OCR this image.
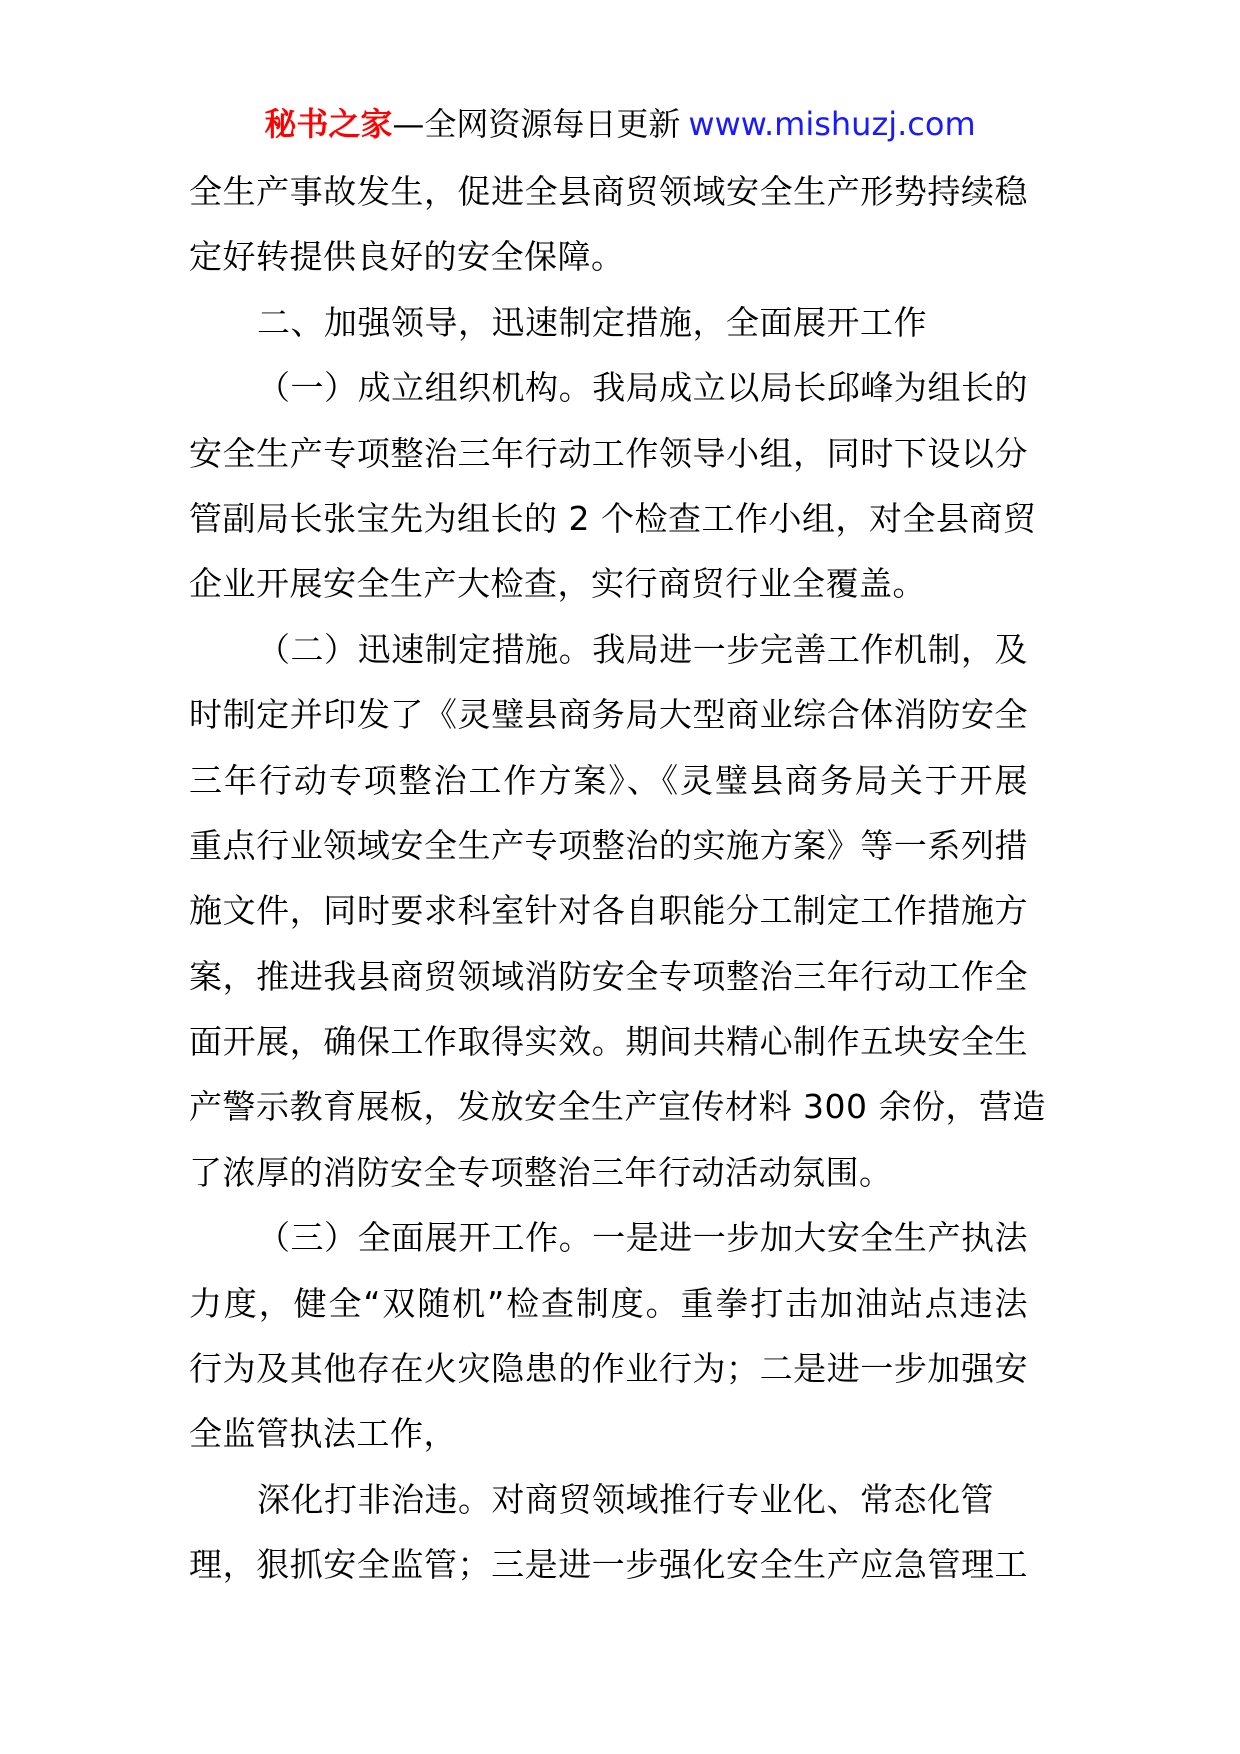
秘书之家—全网资源每日更新 www.mishuzj.com
全生产事故发生，促进全县商贸领域安全生产形势持续稳
定好转提供良好的安全保障。
二、加强领导，迅速制定措施，全面展开工作
（一）成立组织机构。我局成立以局长邱峰为组长的
安全生产专项整治三年行动工作领导小组，同时下设以分
管副局长张宝先为组长的 2 个检查工作小组，对全县商贸
企业开展安全生产大检查，实行商贸行业全覆盖。
（二）迅速制定措施。我局进一步完善工作机制，及
时制定并印发了《灵璧县商务局大型商业综合体消防安全
三年行动专项整治工作方案》、《灵璧县商务局关于开展
重点行业领域安全生产专项整治的实施方案》等一系列措
施文件，同时要求科室针对各自职能分工制定工作措施方
案，推进我县商贸领域消防安全专项整治三年行动工作全
面开展，确保工作取得实效。期间共精心制作五块安全生
产警示教育展板，发放安全生产宣传材料 300 余份，营造
了浓厚的消防安全专项整治三年行动活动氛围。
（三）全面展开工作。一是进一步加大安全生产执法
力度，健全“双随机”检查制度。重拳打击加油站点违法
行为及其他存在火灾隐患的作业行为；二是进一步加强安
全监管执法工作，
深化打非治违。对商贸领域推行专业化、常态化管
理，狠抓安全监管；三是进一步强化安全生产应急管理工
